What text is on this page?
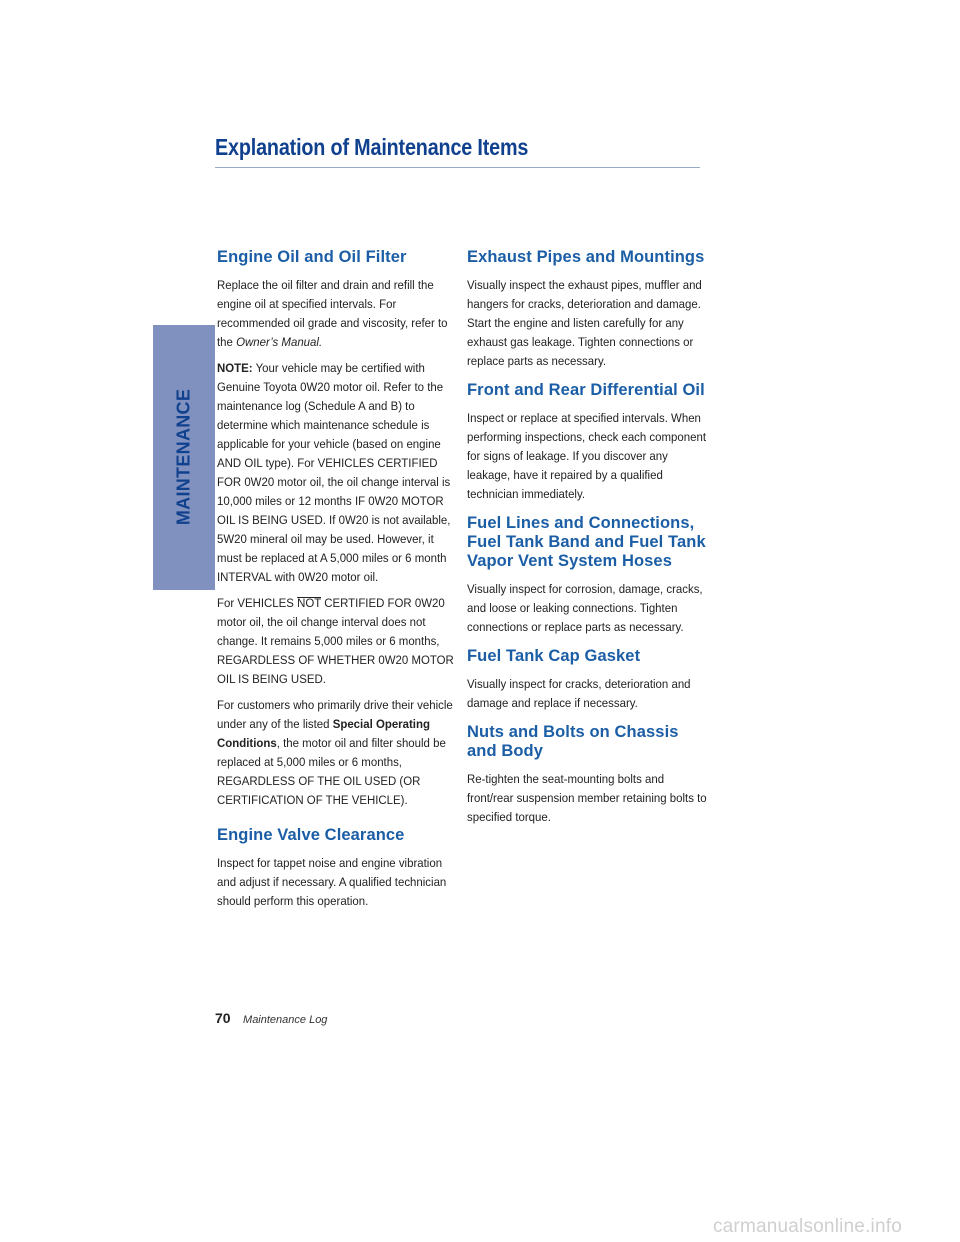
Explanation of Maintenance Items
MAINTENANCE
Engine Oil and Oil Filter

Replace the oil filter and drain and refill the engine oil at specified intervals. For recommended oil grade and viscosity, refer to the Owner’s Manual.

NOTE: Your vehicle may be certified with Genuine Toyota 0W20 motor oil. Refer to the maintenance log (Schedule A and B) to determine which maintenance schedule is applicable for your vehicle (based on engine AND OIL type). For VEHICLES CERTIFIED FOR 0W20 motor oil, the oil change interval is 10,000 miles or 12 months IF 0W20 MOTOR OIL IS BEING USED. If 0W20 is not available, 5W20 mineral oil may be used. However, it must be replaced at A 5,000 miles or 6 month INTERVAL with 0W20 motor oil.

For VEHICLES NOT CERTIFIED FOR 0W20 motor oil, the oil change interval does not change. It remains 5,000 miles or 6 months, REGARDLESS OF WHETHER 0W20 MOTOR OIL IS BEING USED.

For customers who primarily drive their vehicle under any of the listed Special Operating Conditions, the motor oil and filter should be replaced at 5,000 miles or 6 months, REGARDLESS OF THE OIL USED (OR CERTIFICATION OF THE VEHICLE).

Engine Valve Clearance

Inspect for tappet noise and engine vibration and adjust if necessary. A qualified technician should perform this operation.

Exhaust Pipes and Mountings

Visually inspect the exhaust pipes, muffler and hangers for cracks, deterioration and damage. Start the engine and listen carefully for any exhaust gas leakage. Tighten connections or replace parts as necessary.

Front and Rear Differential Oil

Inspect or replace at specified intervals. When performing inspections, check each component for signs of leakage. If you discover any leakage, have it repaired by a qualified technician immediately.

Fuel Lines and Connections, Fuel Tank Band and Fuel Tank Vapor Vent System Hoses

Visually inspect for corrosion, damage, cracks, and loose or leaking connections. Tighten connections or replace parts as necessary.

Fuel Tank Cap Gasket

Visually inspect for cracks, deterioration and damage and replace if necessary.

Nuts and Bolts on Chassis and Body

Re-tighten the seat-mounting bolts and front/rear suspension member retaining bolts to specified torque.

70 Maintenance Log
carmanualsonline.info
